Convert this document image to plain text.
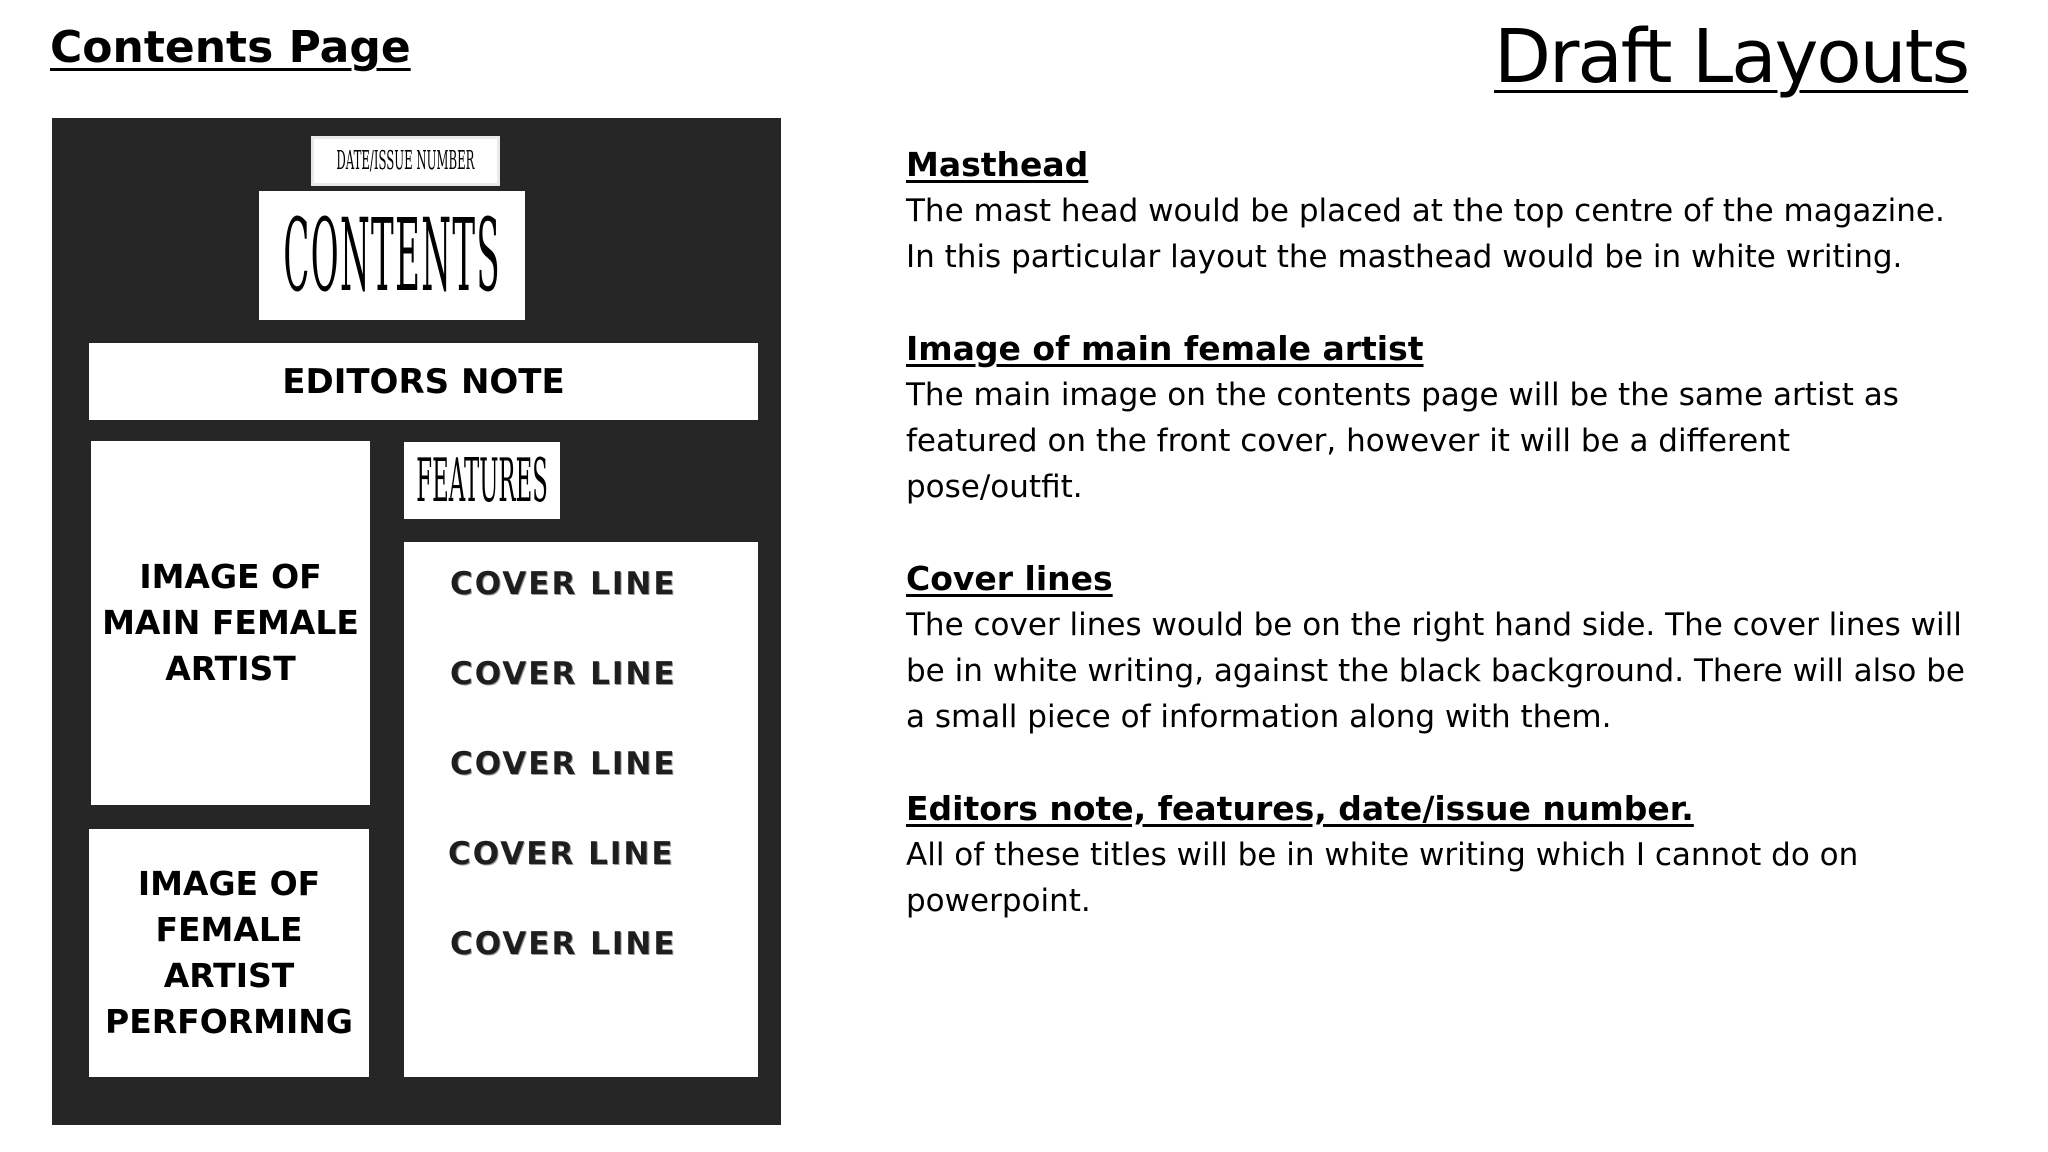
Contents Page	Draft Layouts
DATE/ISSUE NUMBER
CONTENTS
EDITORS NOTE
IMAGE OF
MAIN FEMALE
ARTIST
IMAGE OF
FEMALE
ARTIST
PERFORMING
FEATURES
COVER LINE
COVER LINE
COVER LINE
COVER LINE
COVER LINE
Masthead
The mast head would be placed at the top centre of the magazine. In this particular layout the masthead would be in white writing.
Image of main female artist
The main image on the contents page will be the same artist as featured on the front cover, however it will be a different pose/outfit.
Cover lines
The cover lines would be on the right hand side. The cover lines will be in white writing, against the black background. There will also be a small piece of information along with them.
Editors note, features, date/issue number.
All of these titles will be in white writing which I cannot do on powerpoint.
